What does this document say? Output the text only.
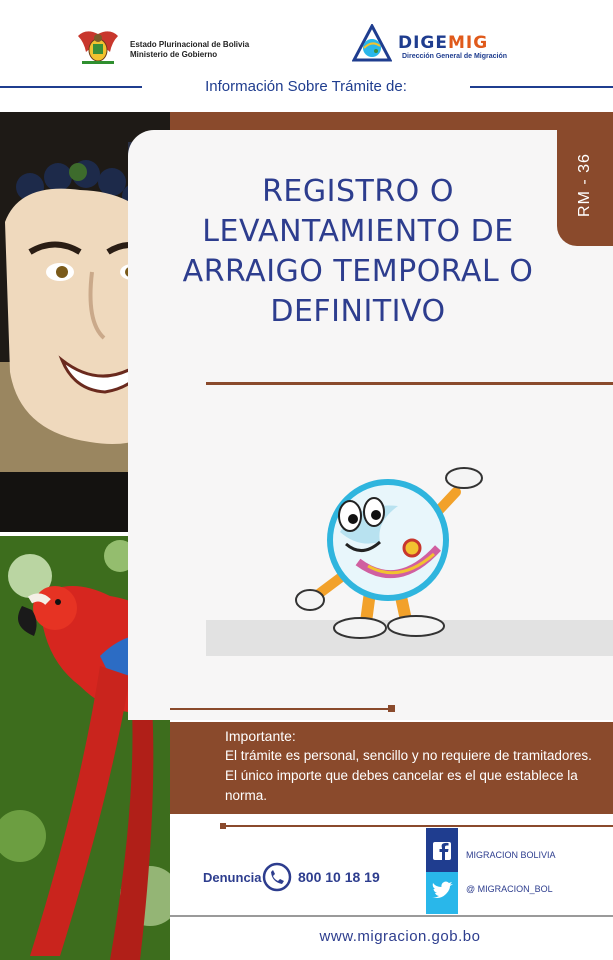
Estado Plurinacional de Bolivia
Ministerio de Gobierno
DIGEMIG
Dirección General de Migración
Información Sobre Trámite de:
RM - 36
REGISTRO O LEVANTAMIENTO DE ARRAIGO TEMPORAL O DEFINITIVO
Importante:
El trámite es personal, sencillo y no requiere de tramitadores. El único importe que debes cancelar es el que establece la norma.
Denuncia	800 10 18 19
MIGRACION BOLIVIA
@ MIGRACION_BOL
www.migracion.gob.bo
